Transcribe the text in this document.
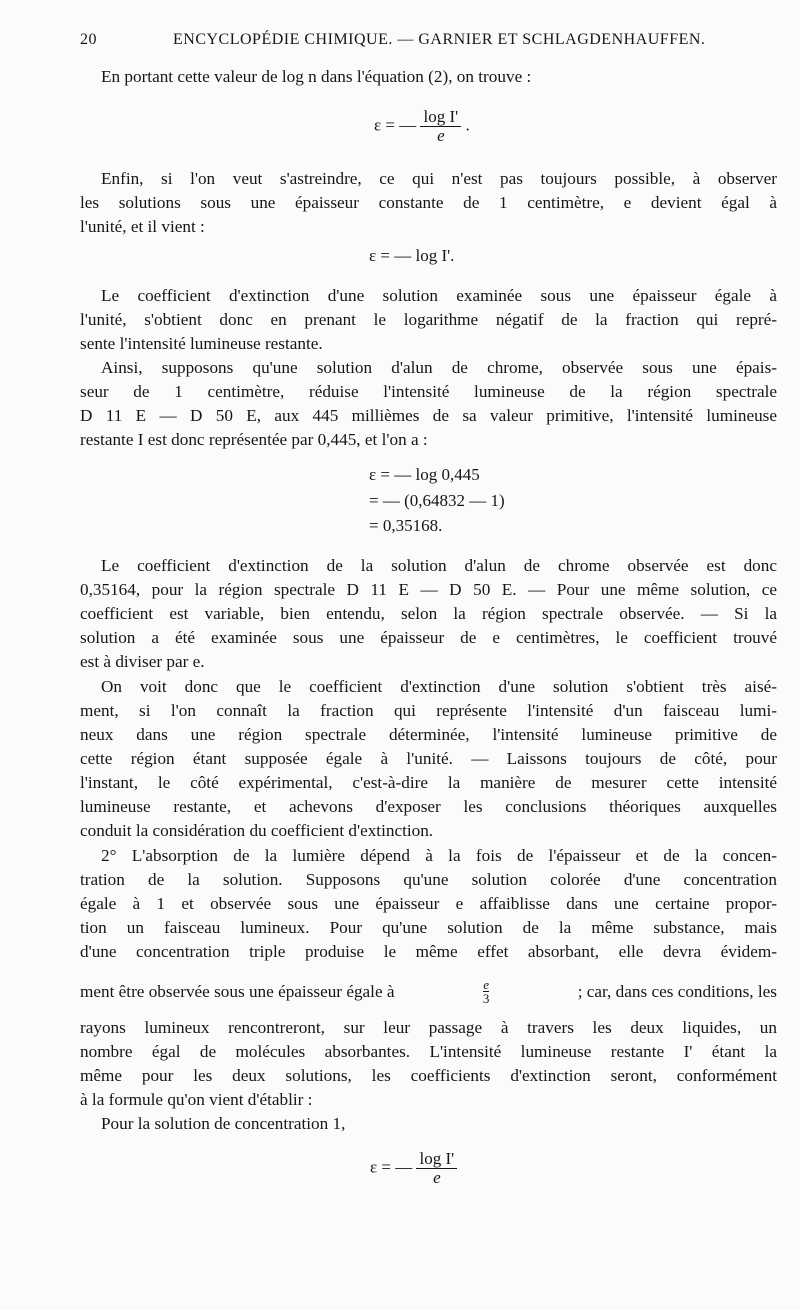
20	ENCYCLOPÉDIE CHIMIQUE. — GARNIER ET SCHLAGDENHAUFFEN.
En portant cette valeur de log n dans l'équation (2), on trouve :
ε = — $\frac{\text{log I'}}{e}$ .
Enfin, si l'on veut s'astreindre, ce qui n'est pas toujours possible, à observer
les solutions sous une épaisseur constante de 1 centimètre, e devient égal à
l'unité, et il vient :
ε = — log I'.
Le coefficient d'extinction d'une solution examinée sous une épaisseur égale à
l'unité, s'obtient donc en prenant le logarithme négatif de la fraction qui repré-
sente l'intensité lumineuse restante.
Ainsi, supposons qu'une solution d'alun de chrome, observée sous une épais-
seur de 1 centimètre, réduise l'intensité lumineuse de la région spectrale
D 11 E — D 50 E, aux 445 millièmes de sa valeur primitive, l'intensité lumineuse
restante I est donc représentée par 0,445, et l'on a :
ε = — log 0,445
= — (0,64832 — 1)
= 0,35168.
Le coefficient d'extinction de la solution d'alun de chrome observée est donc
0,35164, pour la région spectrale D 11 E — D 50 E. — Pour une même solution, ce
coefficient est variable, bien entendu, selon la région spectrale observée. — Si la
solution a été examinée sous une épaisseur de e centimètres, le coefficient trouvé
est à diviser par e.
On voit donc que le coefficient d'extinction d'une solution s'obtient très aisé-
ment, si l'on connaît la fraction qui représente l'intensité d'un faisceau lumi-
neux dans une région spectrale déterminée, l'intensité lumineuse primitive de
cette région étant supposée égale à l'unité. — Laissons toujours de côté, pour
l'instant, le côté expérimental, c'est-à-dire la manière de mesurer cette intensité
lumineuse restante, et achevons d'exposer les conclusions théoriques auxquelles
conduit la considération du coefficient d'extinction.
2° L'absorption de la lumière dépend à la fois de l'épaisseur et de la concen-
tration de la solution. Supposons qu'une solution colorée d'une concentration
égale à 1 et observée sous une épaisseur e affaiblisse dans une certaine propor-
tion un faisceau lumineux. Pour qu'une solution de la même substance, mais
d'une concentration triple produise le même effet absorbant, elle devra évidem-
ment être observée sous une épaisseur égale à	$\frac{e}{3}$	; car, dans ces conditions, les
rayons lumineux rencontreront, sur leur passage à travers les deux liquides, un
nombre égal de molécules absorbantes. L'intensité lumineuse restante I' étant la
même pour les deux solutions, les coefficients d'extinction seront, conformément
à la formule qu'on vient d'établir :
Pour la solution de concentration 1,
ε = — $\frac{\text{log I'}}{e}$
